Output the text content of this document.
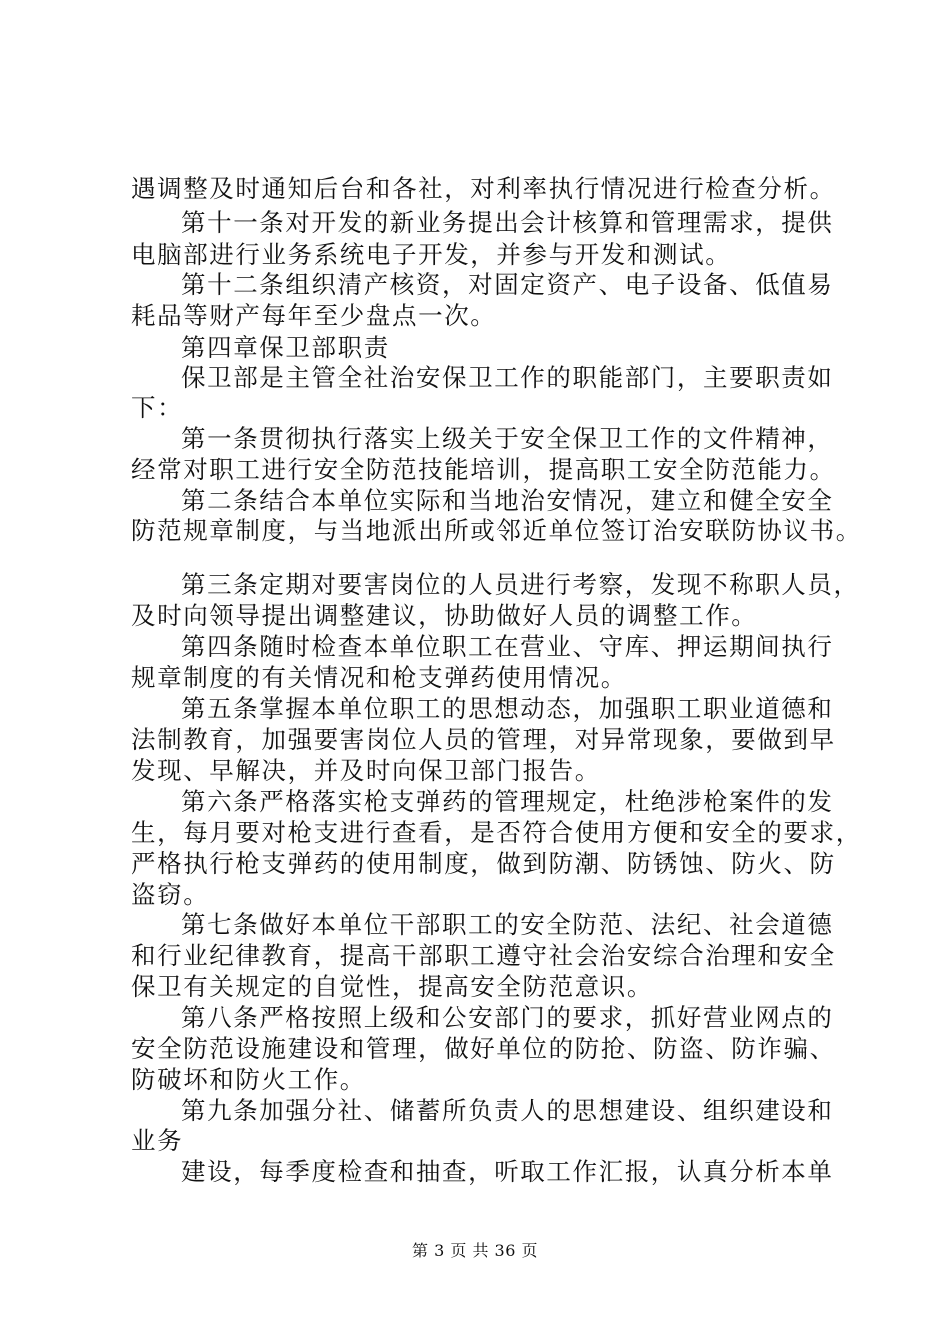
遇调整及时通知后台和各社，对利率执行情况进行检查分析。

第十一条对开发的新业务提出会计核算和管理需求，提供

电脑部进行业务系统电子开发，并参与开发和测试。

第十二条组织清产核资，对固定资产、电子设备、低值易

耗品等财产每年至少盘点一次。

第四章保卫部职责

保卫部是主管全社治安保卫工作的职能部门，主要职责如

下：

第一条贯彻执行落实上级关于安全保卫工作的文件精神，

经常对职工进行安全防范技能培训，提高职工安全防范能力。

第二条结合本单位实际和当地治安情况，建立和健全安全

防范规章制度，与当地派出所或邻近单位签订治安联防协议书。

第三条定期对要害岗位的人员进行考察，发现不称职人员，

及时向领导提出调整建议，协助做好人员的调整工作。

第四条随时检查本单位职工在营业、守库、押运期间执行

规章制度的有关情况和枪支弹药使用情况。

第五条掌握本单位职工的思想动态，加强职工职业道德和

法制教育，加强要害岗位人员的管理，对异常现象，要做到早

发现、早解决，并及时向保卫部门报告。

第六条严格落实枪支弹药的管理规定，杜绝涉枪案件的发

生，每月要对枪支进行查看，是否符合使用方便和安全的要求，

严格执行枪支弹药的使用制度，做到防潮、防锈蚀、防火、防

盗窃。

第七条做好本单位干部职工的安全防范、法纪、社会道德

和行业纪律教育，提高干部职工遵守社会治安综合治理和安全

保卫有关规定的自觉性，提高安全防范意识。

第八条严格按照上级和公安部门的要求，抓好营业网点的

安全防范设施建设和管理，做好单位的防抢、防盗、防诈骗、

防破坏和防火工作。

第九条加强分社、储蓄所负责人的思想建设、组织建设和

业务

建设，每季度检查和抽查，听取工作汇报，认真分析本单

第 3 页 共 36 页
